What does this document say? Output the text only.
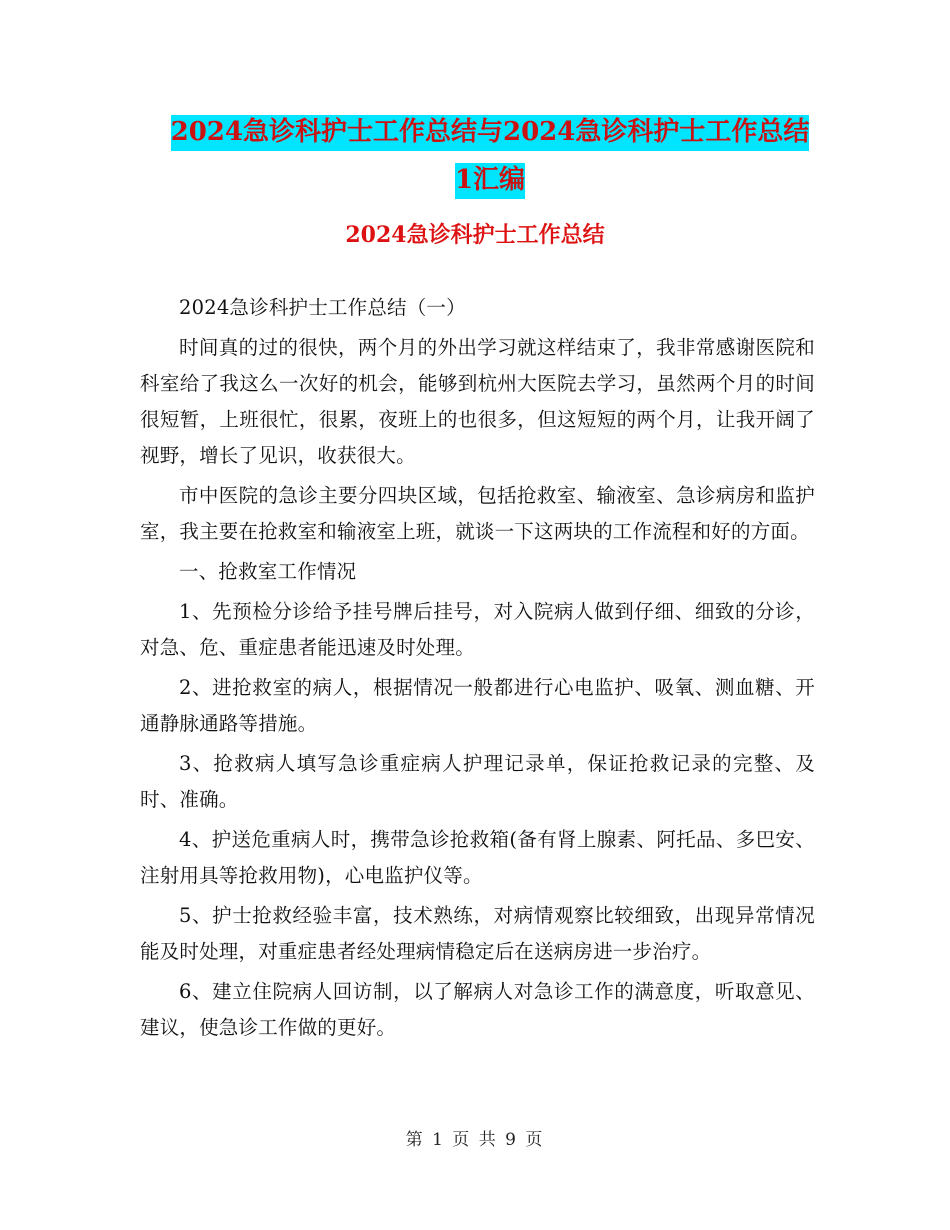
2024急诊科护士工作总结与2024急诊科护士工作总结
1汇编
2024急诊科护士工作总结

2024急诊科护士工作总结（一）

时间真的过的很快，两个月的外出学习就这样结束了，我非常感谢医院和科室给了我这么一次好的机会，能够到杭州大医院去学习，虽然两个月的时间很短暂，上班很忙，很累，夜班上的也很多，但这短短的两个月，让我开阔了视野，增长了见识，收获很大。

市中医院的急诊主要分四块区域，包括抢救室、输液室、急诊病房和监护室，我主要在抢救室和输液室上班，就谈一下这两块的工作流程和好的方面。

一、抢救室工作情况

1、先预检分诊给予挂号牌后挂号，对入院病人做到仔细、细致的分诊，对急、危、重症患者能迅速及时处理。

2、进抢救室的病人，根据情况一般都进行心电监护、吸氧、测血糖、开通静脉通路等措施。

3、抢救病人填写急诊重症病人护理记录单，保证抢救记录的完整、及时、准确。

4、护送危重病人时，携带急诊抢救箱(备有肾上腺素、阿托品、多巴安、注射用具等抢救用物)，心电监护仪等。

5、护士抢救经验丰富，技术熟练，对病情观察比较细致，出现异常情况能及时处理，对重症患者经处理病情稳定后在送病房进一步治疗。

6、建立住院病人回访制，以了解病人对急诊工作的满意度，听取意见、建议，使急诊工作做的更好。

第 1 页 共 9 页
